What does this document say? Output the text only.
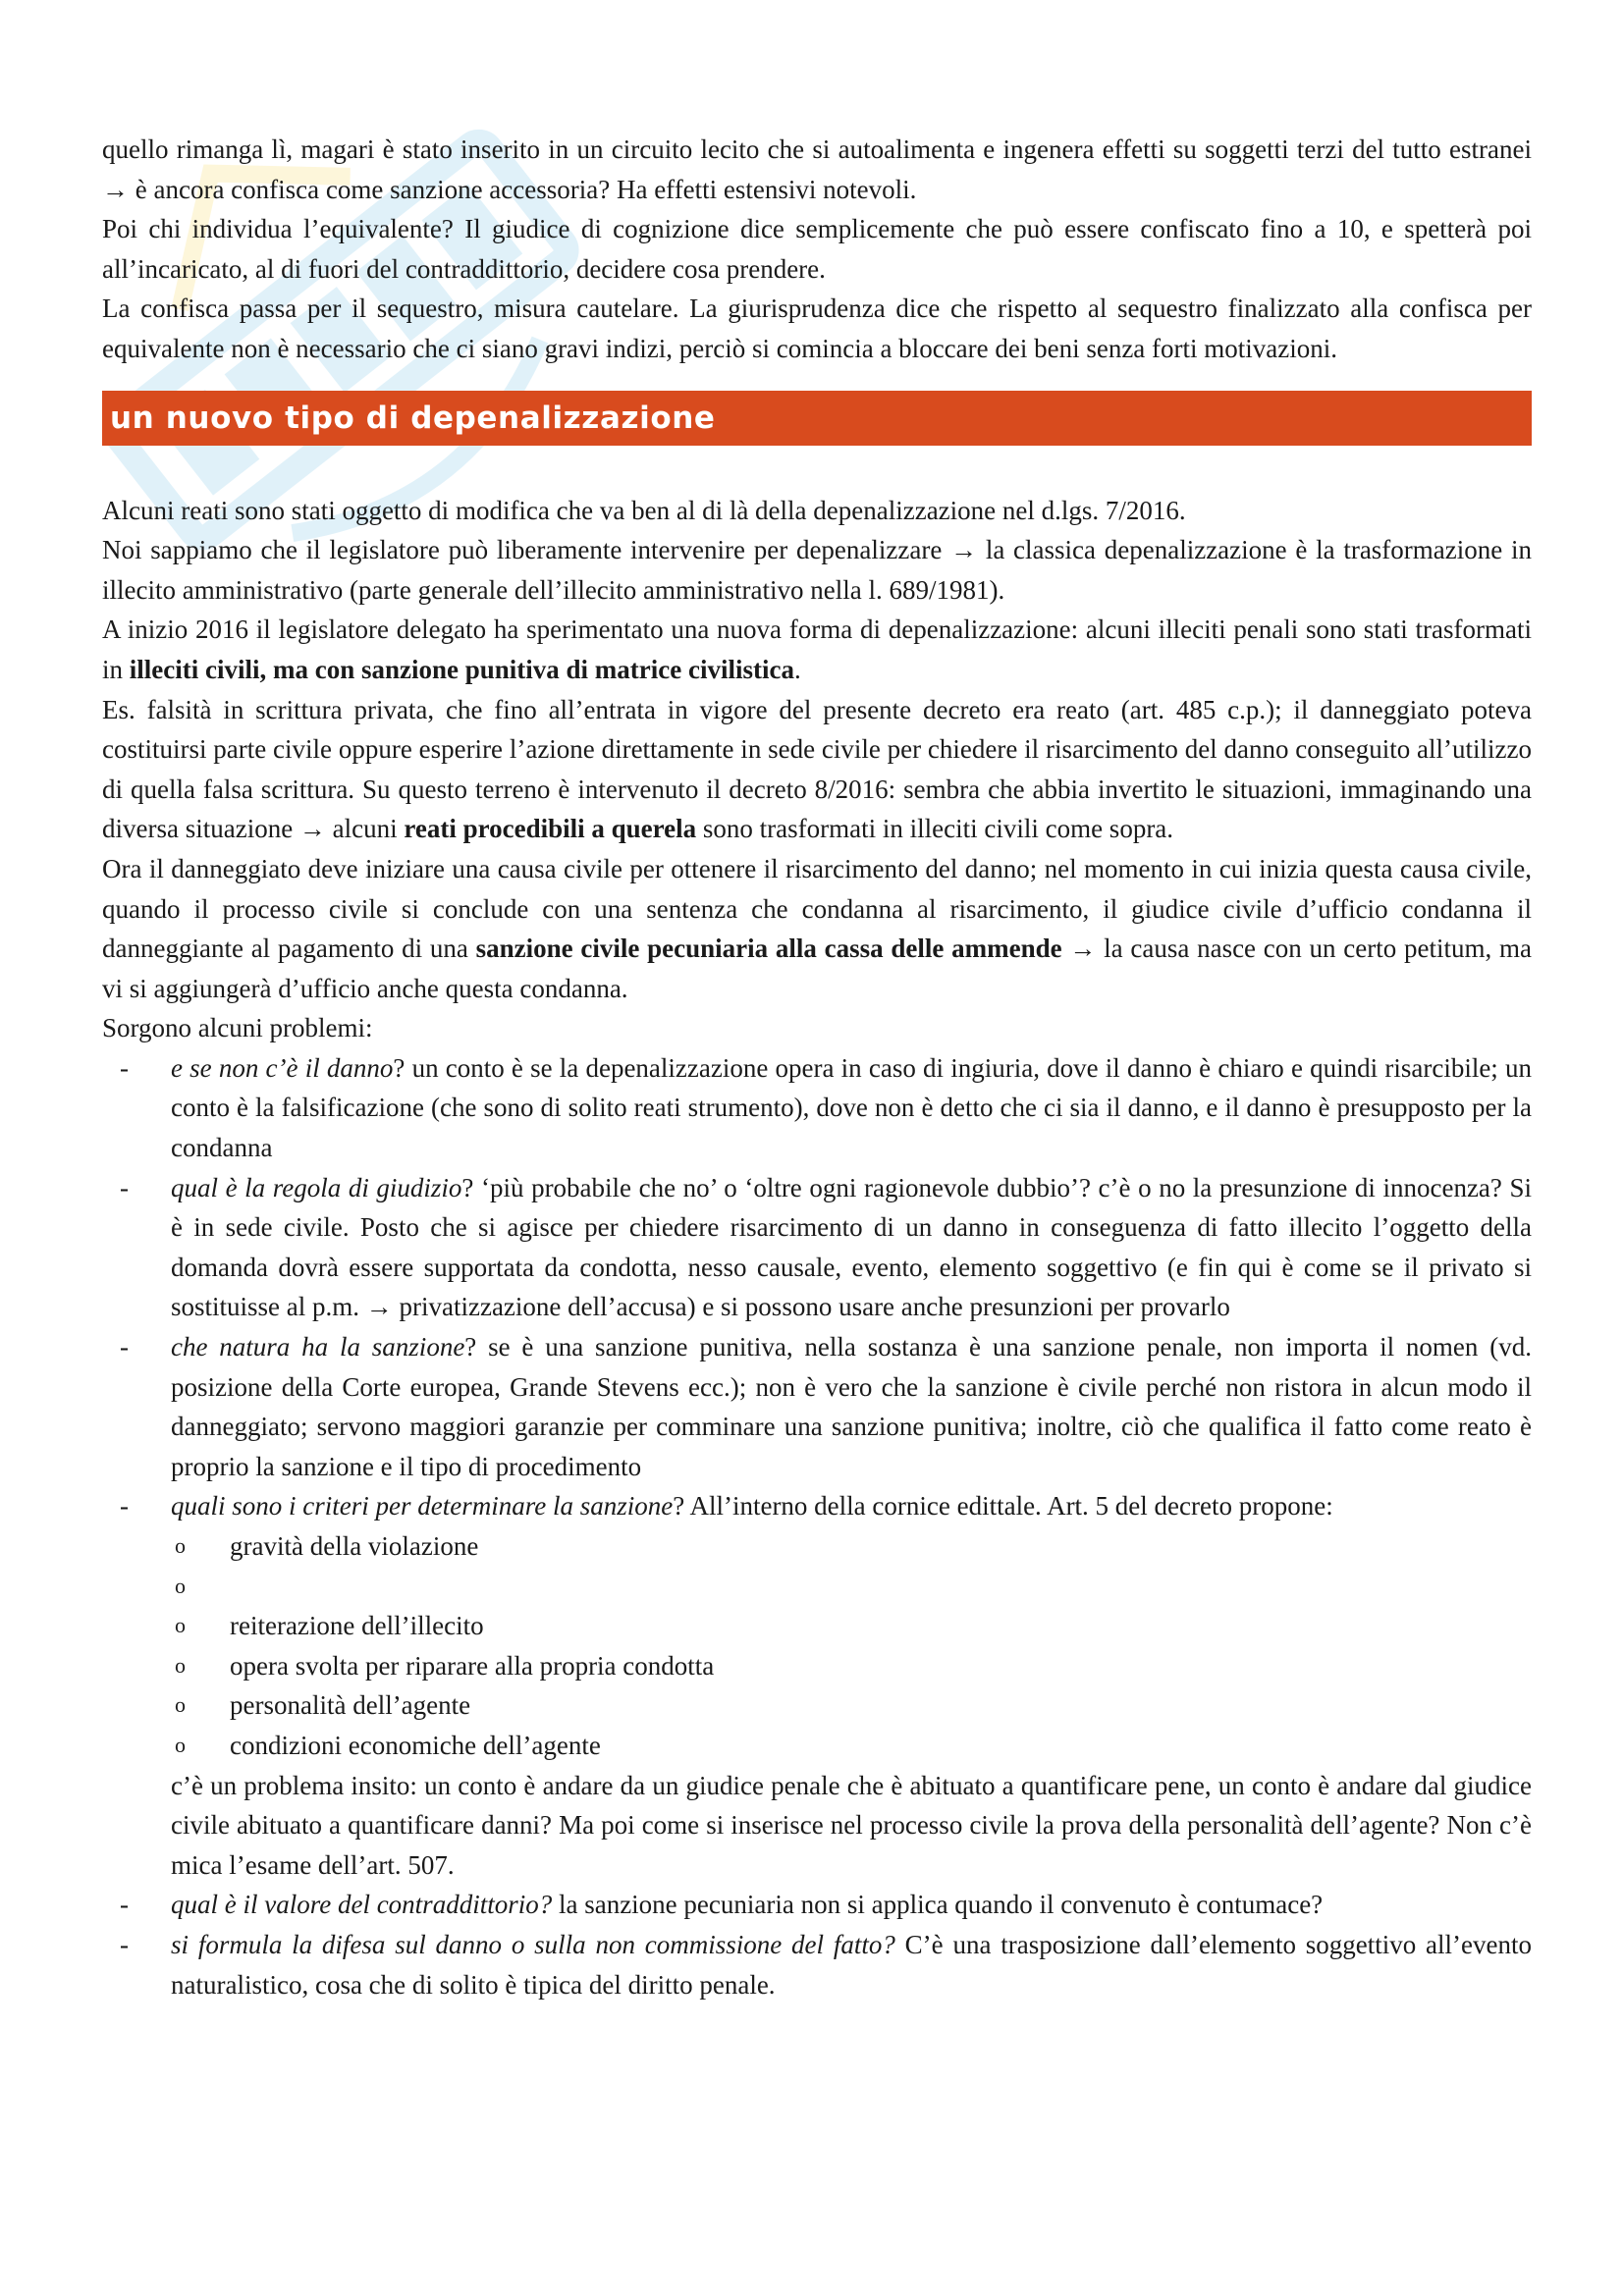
quello rimanga lì, magari è stato inserito in un circuito lecito che si autoalimenta e ingenera effetti su soggetti terzi del tutto estranei → è ancora confisca come sanzione accessoria? Ha effetti estensivi notevoli.

Poi chi individua l’equivalente? Il giudice di cognizione dice semplicemente che può essere confiscato fino a 10, e spetterà poi all’incaricato, al di fuori del contraddittorio, decidere cosa prendere.

La confisca passa per il sequestro, misura cautelare. La giurisprudenza dice che rispetto al sequestro finalizzato alla confisca per equivalente non è necessario che ci siano gravi indizi, perciò si comincia a bloccare dei beni senza forti motivazioni.

un nuovo tipo di depenalizzazione

Alcuni reati sono stati oggetto di modifica che va ben al di là della depenalizzazione nel d.lgs. 7/2016.

Noi sappiamo che il legislatore può liberamente intervenire per depenalizzare → la classica depenalizzazione è la trasformazione in illecito amministrativo (parte generale dell’illecito amministrativo nella l. 689/1981).

A inizio 2016 il legislatore delegato ha sperimentato una nuova forma di depenalizzazione: alcuni illeciti penali sono stati trasformati in illeciti civili, ma con sanzione punitiva di matrice civilistica.

Es. falsità in scrittura privata, che fino all’entrata in vigore del presente decreto era reato (art. 485 c.p.); il danneggiato poteva costituirsi parte civile oppure esperire l’azione direttamente in sede civile per chiedere il risarcimento del danno conseguito all’utilizzo di quella falsa scrittura. Su questo terreno è intervenuto il decreto 8/2016: sembra che abbia invertito le situazioni, immaginando una diversa situazione → alcuni reati procedibili a querela sono trasformati in illeciti civili come sopra.

Ora il danneggiato deve iniziare una causa civile per ottenere il risarcimento del danno; nel momento in cui inizia questa causa civile, quando il processo civile si conclude con una sentenza che condanna al risarcimento, il giudice civile d’ufficio condanna il danneggiante al pagamento di una sanzione civile pecuniaria alla cassa delle ammende → la causa nasce con un certo petitum, ma vi si aggiungerà d’ufficio anche questa condanna.

Sorgono alcuni problemi:

- e se non c’è il danno? un conto è se la depenalizzazione opera in caso di ingiuria, dove il danno è chiaro e quindi risarcibile; un conto è la falsificazione (che sono di solito reati strumento), dove non è detto che ci sia il danno, e il danno è presupposto per la condanna
- qual è la regola di giudizio? ‘più probabile che no’ o ‘oltre ogni ragionevole dubbio’? c’è o no la presunzione di innocenza? Si è in sede civile. Posto che si agisce per chiedere risarcimento di un danno in conseguenza di fatto illecito l’oggetto della domanda dovrà essere supportata da condotta, nesso causale, evento, elemento soggettivo (e fin qui è come se il privato si sostituisse al p.m. → privatizzazione dell’accusa) e si possono usare anche presunzioni per provarlo
- che natura ha la sanzione? se è una sanzione punitiva, nella sostanza è una sanzione penale, non importa il nomen (vd. posizione della Corte europea, Grande Stevens ecc.); non è vero che la sanzione è civile perché non ristora in alcun modo il danneggiato; servono maggiori garanzie per comminare una sanzione punitiva; inoltre, ciò che qualifica il fatto come reato è proprio la sanzione e il tipo di procedimento
- quali sono i criteri per determinare la sanzione? All’interno della cornice edittale. Art. 5 del decreto propone:
o gravità della violazione
o
o reiterazione dell’illecito
o opera svolta per riparare alla propria condotta
o personalità dell’agente
o condizioni economiche dell’agente

c’è un problema insito: un conto è andare da un giudice penale che è abituato a quantificare pene, un conto è andare dal giudice civile abituato a quantificare danni? Ma poi come si inserisce nel processo civile la prova della personalità dell’agente? Non c’è mica l’esame dell’art. 507.

- qual è il valore del contraddittorio? la sanzione pecuniaria non si applica quando il convenuto è contumace?
- si formula la difesa sul danno o sulla non commissione del fatto? C’è una trasposizione dall’elemento soggettivo all’evento naturalistico, cosa che di solito è tipica del diritto penale.
